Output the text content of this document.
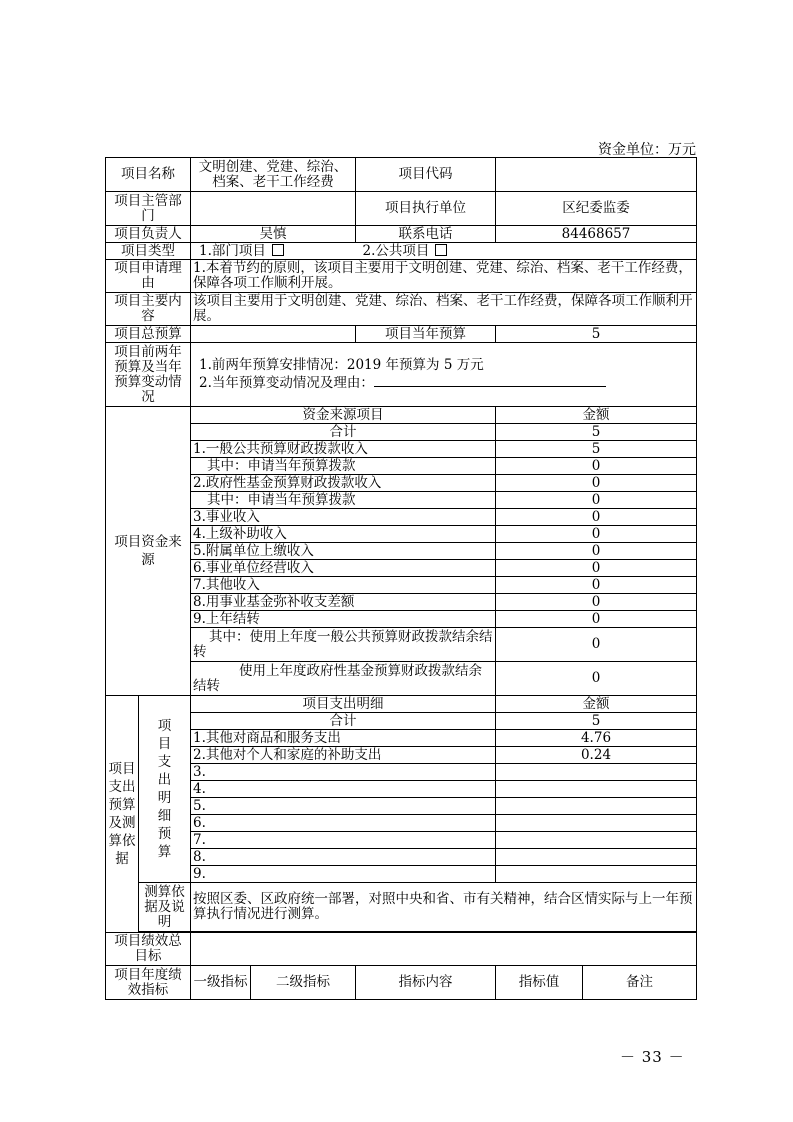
资金单位：万元
项目名称		文明创建、党建、综治、档案、老干工作经费		项目代码		
项目主管部门				项目执行单位	区纪委监委	
项目负责人		吴慎		联系电话	84468657	
项目类型		1.部门项目 2.公共项目				
项目申请理由		1.本着节约的原则，该项目主要用于文明创建、党建、综治、档案、老干工作经费，保障各项工作顺利开展。				
项目主要内容		该项目主要用于文明创建、党建、综治、档案、老干工作经费，保障各项工作顺利开展。				
项目总预算				项目当年预算	5	
项目前两年预算及当年预算变动情况		1.前两年预算安排情况：2019 年预算为 5 万元
2.当年预算变动情况及理由：				

项目资金来源		资金来源项目			金额	
		合计			5	
		1.一般公共预算财政拨款收入			5	
		其中：申请当年预算拨款			0	
		2.政府性基金预算财政拨款收入			0	
		其中：申请当年预算拨款			0	
		3.事业收入			0	
		4.上级补助收入			0	
		5.附属单位上缴收入			0	
		6.事业单位经营收入			0	
		7.其他收入			0	
		8.用事业基金弥补收支差额			0	
		9.上年结转			0	
		其中：使用上年度一般公共预算财政拨款结余结转			0	
		使用上年度政府性基金预算财政拨款结余结转			0	
项目支出预算及测算依据	项目支出明细预算	项目支出明细			金额	
		合计			5	
		1.其他对商品和服务支出			4.76	
		2.其他对个人和家庭的补助支出			0.24	
		3.				
		4.				
		5.				
		6.				
		7.				
		8.				
		9.				
	测算依据及说明	按照区委、区政府统一部署，对照中央和省、市有关精神，结合区情实际与上一年预算执行情况进行测算。				

项目绩效总目标						
项目年度绩效指标		一级指标	二级指标	指标内容	指标值	备注
－ 33 －
